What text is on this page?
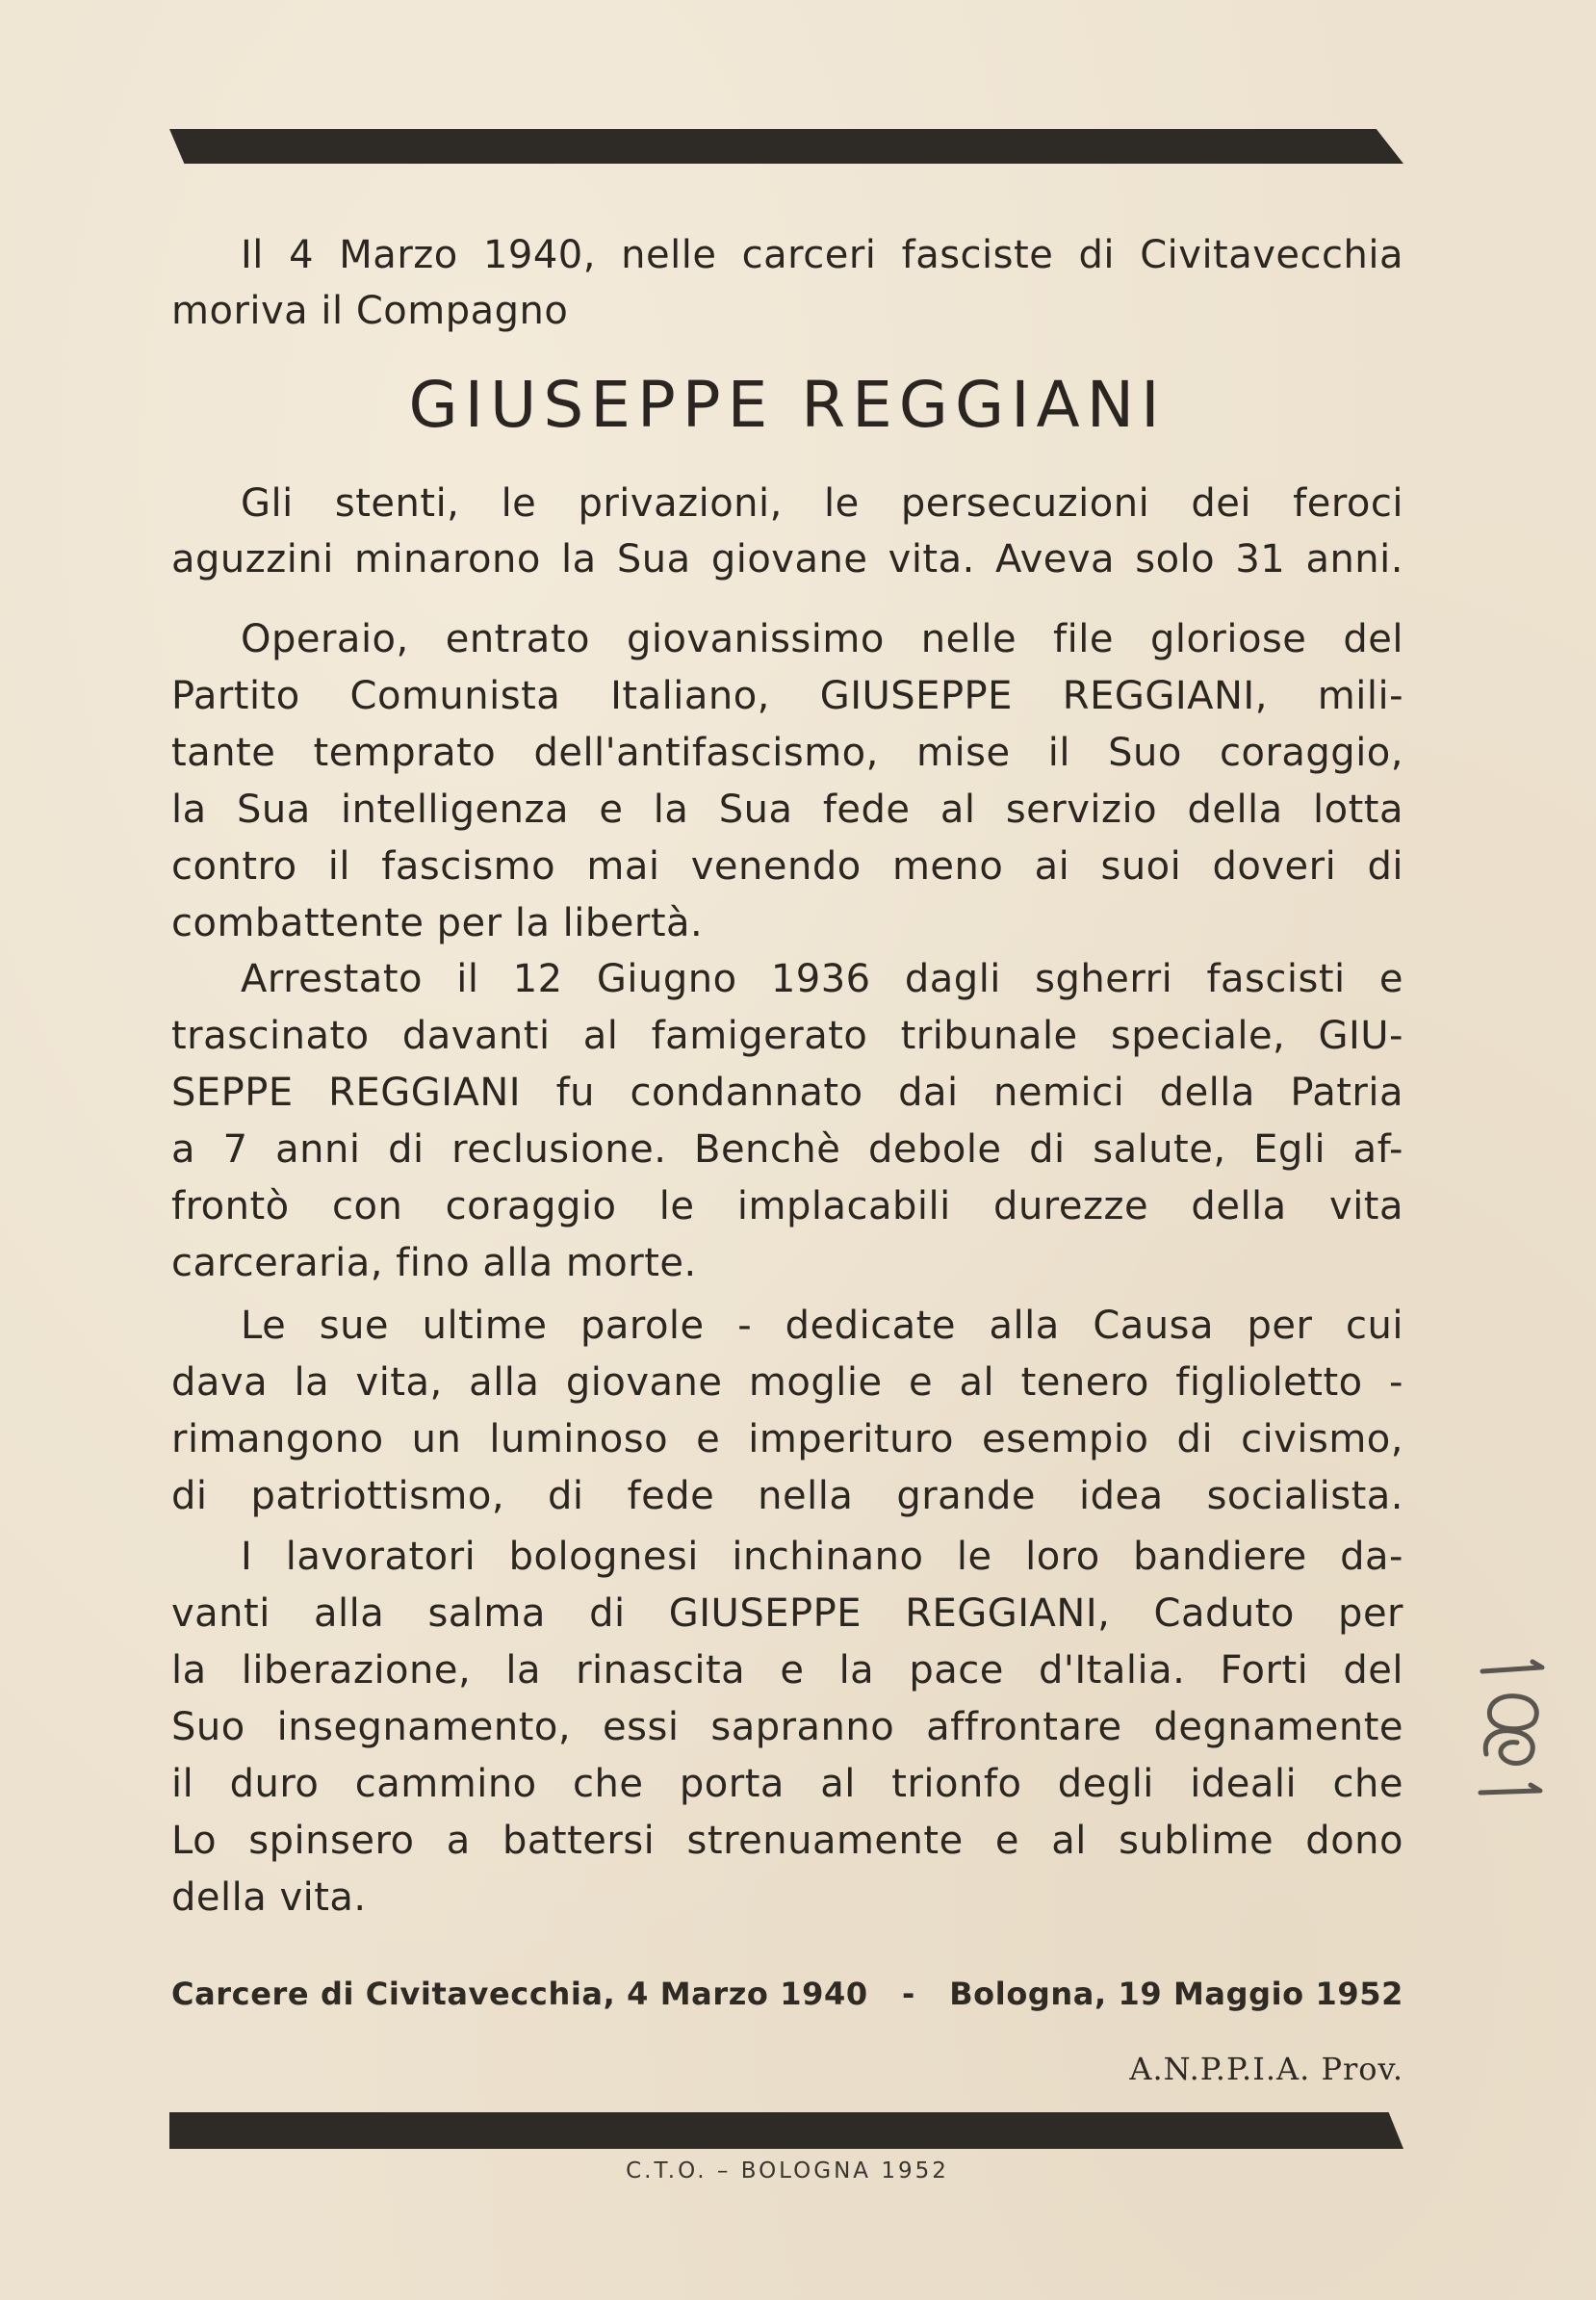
Il 4 Marzo 1940, nelle carceri fasciste di Civitavecchia
moriva il Compagno
GIUSEPPE REGGIANI
Gli stenti, le privazioni, le persecuzioni dei feroci
aguzzini minarono la Sua giovane vita. Aveva solo 31 anni.
Operaio, entrato giovanissimo nelle file gloriose del
Partito Comunista Italiano, GIUSEPPE REGGIANI, mili-
tante temprato dell'antifascismo, mise il Suo coraggio,
la Sua intelligenza e la Sua fede al servizio della lotta
contro il fascismo mai venendo meno ai suoi doveri di
combattente per la libertà.
Arrestato il 12 Giugno 1936 dagli sgherri fascisti e
trascinato davanti al famigerato tribunale speciale, GIU-
SEPPE REGGIANI fu condannato dai nemici della Patria
a 7 anni di reclusione. Benchè debole di salute, Egli af-
frontò con coraggio le implacabili durezze della vita
carceraria, fino alla morte.
Le sue ultime parole - dedicate alla Causa per cui
dava la vita, alla giovane moglie e al tenero figlioletto -
rimangono un luminoso e imperituro esempio di civismo,
di patriottismo, di fede nella grande idea socialista.
I lavoratori bolognesi inchinano le loro bandiere da-
vanti alla salma di GIUSEPPE REGGIANI, Caduto per
la liberazione, la rinascita e la pace d'Italia. Forti del
Suo insegnamento, essi sapranno affrontare degnamente
il duro cammino che porta al trionfo degli ideali che
Lo spinsero a battersi strenuamente e al sublime dono
della vita.
Carcere di Civitavecchia, 4 Marzo 1940 - Bologna, 19 Maggio 1952
A.N.P.P.I.A. Prov.
C.T.O. – BOLOGNA 1952
